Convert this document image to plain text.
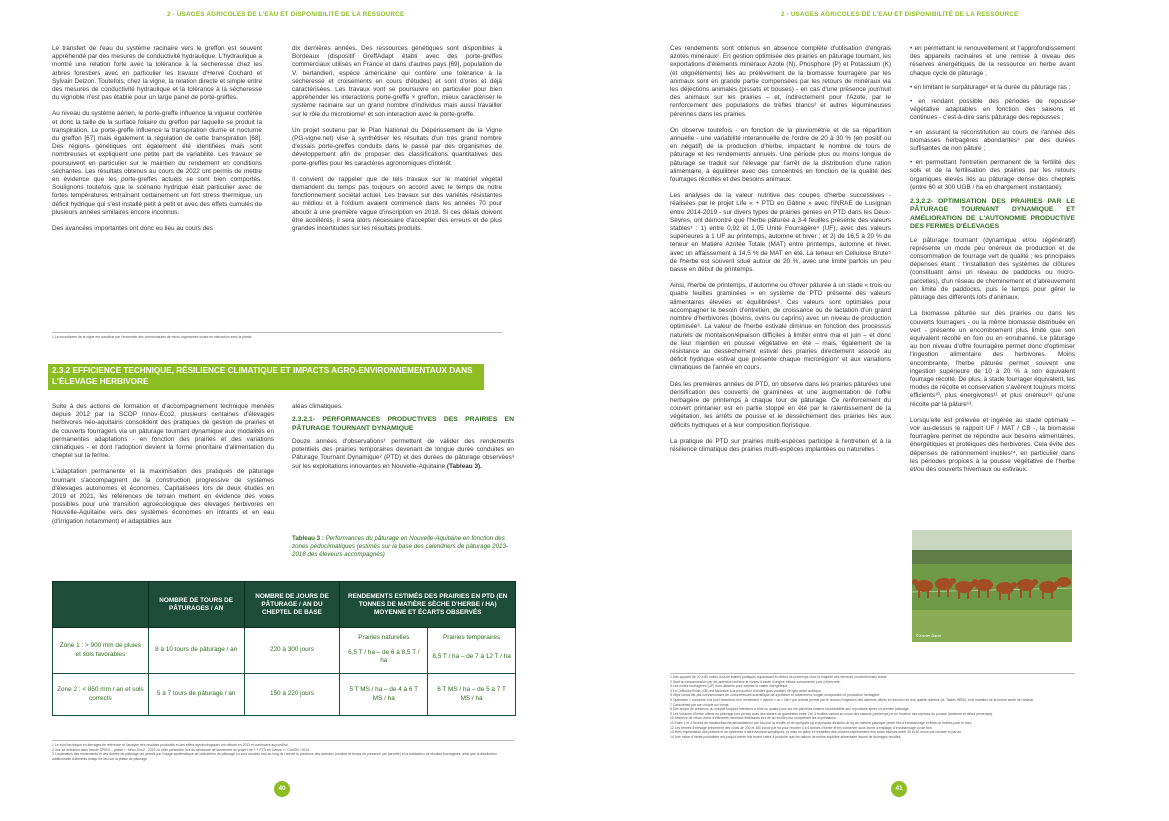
2 - USAGES AGRICOLES DE L'EAU ET DISPONIBILITÉ DE LA RESSOURCE

Le transfert de l'eau du système racinaire vers le greffon est souvent appréhendé par des mesures de conductivité hydraulique. L'hydraulique a montré une relation forte avec la tolérance à la sécheresse chez les arbres forestiers avec en particulier les travaux d'Hervé Cochard et Sylvain Delzon. Toutefois, chez la vigne, la relation directe et simple entre des mesures de conductivité hydraulique et la tolérance à la sécheresse du vignoble n'est pas établie pour un large panel de porte-greffes.

Au niveau du système aérien, le porte-greffe influence la vigueur conférée et donc la taille de la surface foliaire du greffon par laquelle se produit la transpiration. Le porte-greffe influence la transpiration diurne et nocturne du greffon [67] mais également la régulation de cette transpiration [68]. Des régions génétiques ont également été identifiées mais sont nombreuses et expliquent une petite part de variabilité. Les travaux se poursuivent en particulier sur le maintien du rendement en conditions séchantes. Les résultats obtenus au cours de 2022 ont permis de mettre en évidence que les porte-greffes actuels se sont bien comportés. Soulignons toutefois que le scénario hydrique était particulier avec de fortes températures entraînant certainement un fort stress thermique, un déficit hydrique qui s'est installé petit à petit et avec des effets cumulés de plusieurs années similaires encore inconnus.

Des avancées importantes ont donc eu lieu au cours des

dix dernières années. Des ressources génétiques sont disponibles à Bordeaux (dispositif GreffAdapt établi avec des porte-greffes commerciaux utilisés en France et dans d'autres pays [69], population de V. berlandieri, espèce américaine qui confère une tolérance à la sécheresse et croisements en cours d'études) et sont d'ores et déjà caractérisées. Les travaux vont se poursuivre en particulier pour bien appréhender les interactions porte-greffe × greffon, mieux caractériser le système racinaire sur un grand nombre d'individus mais aussi travailler sur le rôle du microbiome¹ et son interaction avec le porte-greffe.

Un projet soutenu par le Plan National du Dépérissement de la Vigne (PG-vigne.net) vise à synthétiser les résultats d'un très grand nombre d'essais porte-greffes conduits dans le passé par des organismes de développement afin de proposer des classifications quantitatives des porte-greffes pour les caractères agronomiques d'intérêt.

Il convient de rappeler que de tels travaux sur le matériel végétal demandent du temps pas toujours en accord avec le temps de notre fonctionnement sociétal actuel. Les travaux sur des variétés résistantes au mildiou et à l'oïdium avaient commencé dans les années 70 pour aboutir à une première vague d'inscription en 2018. Si ces délais doivent être accélérés, il sera alors nécessaire d'accepter des erreurs et de plus grandes incertitudes sur les résultats produits.

1 Le microbiome de la vigne est constitué par l'ensemble des communautés de micro-organismes vivant en interaction avec la plante.
2.3.2 EFFICIENCE TECHNIQUE, RÉSILIENCE CLIMATIQUE ET IMPACTS AGRO-ENVIRONNEMENTAUX DANS L'ÉLEVAGE HERBIVORE

Suite à des actions de formation et d'accompagnement technique menées depuis 2012 par la SCOP Innov-Eco2, plusieurs centaines d'élevages herbivores néo-aquitains consolident des pratiques de gestion de prairies et de couverts fourragers via un pâturage tournant dynamique aux modalités en permanentes adaptations - en fonction des prairies et des variations climatiques - et dont l'adoption devient la forme prioritaire d'alimentation du cheptel sur la ferme.

L'adaptation permanente et la maximisation des pratiques de pâturage tournant s'accompagnent de la construction progressive de systèmes d'élevages autonomes et économes. Capitalisées lors de deux études en 2019 et 2021, les références de terrain mettent en évidence des voies possibles pour une transition agroécologique des élevages herbivores en Nouvelle-Aquitaine vers des systèmes économes en intrants et en eau (d'irrigation notamment) et adaptables aux

aléas climatiques.

2.3.2.1- PERFORMANCES PRODUCTIVES DES PRAIRIES EN PÂTURAGE TOURNANT DYNAMIQUE

Douze années d'observations¹ permettent de valider des rendements potentiels des prairies temporaires devenant de longue durée conduites en Pâturage Tournant Dynamique² (PTD) et des durées de pâturage observées³ sur les exploitations innovantes en Nouvelle-Aquitaine (Tableau 3).

Tableau 3 : Performances du pâturage en Nouvelle-Aquitaine en fonction des zones pédoclimatiques (estimés sur la base des calendriers de pâturage 2013-2018 des éleveurs accompagnés)
	NOMBRE DE TOURS DE PÂTURAGES / AN	NOMBRE DE JOURS DE PÂTURAGE / AN DU CHEPTEL DE BASE	RENDEMENTS ESTIMÉS DES PRAIRIES EN PTD (EN TONNES DE MATIÈRE SÈCHE D'HERBE / HA) MOYENNE ET ÉCARTS OBSERVÉS	
Zone 1 : > 900 mm de pluies et sols favorables	8 à 10 tours de pâturage / an	220 à 300 jours	Prairies naturelles	Prairies temporaires
			6,5 T / ha – de 6 à 8,5 T / ha	8,5 T / ha – de 7 à 12 T / ha
Zone 2 : < 850 mm / an et sols corrects	5 à 7 tours de pâturage / an	150 à 220 jours	5 T MS / ha – de 4 à 6 T MS / ha	6 T MS / ha – de 5 à 7 T MS / ha
1 Le suivi technique en élevages de référence et l'analyse des résultats productifs et des effets agroécologiques ont débuté en 2013 et continuent aujourd'hui.
2 Voir sa définition dans l'étude SPEHI – phase I : Innov-Eco2 - 2019 ou celle présentée lors du séminaire de lancement du projet Life « + PTD en Gâtine » / CAVEB / 2014.
3 L'estimation des rendements et des durées de pâturage ont permis par l'usage systématique de calendriers de pâturage où sont annotés tout au long de l'année la présence des animaux (nombre et temps de présence par parcelle) et la réalisation de récoltes fourragères, ainsi que la distribution additionnelle d'aliments lorsqu'il a lieu sur la phase de pâturage.
40
2 - USAGES AGRICOLES DE L'EAU ET DISPONIBILITÉ DE LA RESSOURCE

Ces rendements sont obtenus en absence complète d'utilisation d'engrais azotés minéraux¹. En gestion optimisée des prairies en pâturage tournant, les exportations d'éléments minéraux Azote (N), Phosphore (P) et Potassium (K) (et oligoéléments) liés au prélèvement de la biomasse fourragère par les animaux sont en grande partie compensées par les retours de minéraux via les déjections animales (pissats et bouses) - en cas d'une présence jour/nuit des animaux sur les prairies – et, indirectement pour l'Azote, par le renforcement des populations de trèfles blancs² et autres légumineuses pérennes dans les prairies.

On observe toutefois - en fonction de la pluviométrie et de sa répartition annuelle - une variabilité interannuelle de l'ordre de 20 à 30 % (en positif ou en négatif) de la production d'herbe, impactant le nombre de tours de pâturage et les rendements annuels. Une période plus ou moins longue de pâturage se traduit sur l'élevage par l'arrêt de la distribution d'une ration alimentaire, à équilibrer avec des concentrés en fonction de la qualité des fourrages récoltés et des besoins animaux.

Les analyses de la valeur nutritive des coupes d'herbe successives - réalisées par le projet Life « + PTD en Gâtine » avec l'INRAE de Lusignan entre 2014-2019 - sur divers types de prairies gérées en PTD dans les Deux-Sèvres, ont démontré que l'herbe pâturée à 3-4 feuilles présente des valeurs stables³ : 1) entre 0,92 et 1,05 Unité Fourragère⁴ (UF), avec des valeurs supérieures à 1 UF au printemps, automne et hiver ; et 2) de 16,5 à 20 % de teneur en Matière Azotée Totale (MAT) entre printemps, automne et hiver, avec un affaissement à 14,5 % de MAT en été. La teneur en Cellulose Brute⁵ de l'herbe est souvent situé autour de 20 %, avec une limite parfois un peu basse en début de printemps.

Ainsi, l'herbe de printemps, d'automne ou d'hiver pâturée à un stade « trois ou quatre feuilles graminées » en système de PTD présente des valeurs alimentaires élevées et équilibrées⁶. Ces valeurs sont optimales pour accompagner le besoin d'entretien, de croissance ou de lactation d'un grand nombre d'herbivores (bovins, ovins ou caprins) avec un niveau de production optimisée⁶. La valeur de l'herbe estivale diminue en fonction des processus naturels de montaison/épiaison difficiles à limiter entre mai et juin – et donc de leur maintien en pousse végétative en été – mais, également de la résistance au dessèchement estival des prairies directement associé au déficit hydrique estival que présente chaque microrégion⁷ et aux variations climatiques de l'année en cours.

Dès les premières années de PTD, on observe dans les prairies pâturées une densification des couverts de graminées et une augmentation de l'offre herbagère de printemps à chaque tour de pâturage. Ce renforcement du couvert printanier est en partie stoppé en été par le ralentissement de la végétation, les arrêts de pousse et le dessèchement des prairies liés aux déficits hydriques et à leur composition floristique.

La pratique de PTD sur prairies multi-espèces participe à l'entretien et à la résilience climatique des prairies multi-espèces implantées ou naturelles :

• en permettant le renouvellement et l'approfondissement des appareils racinaires et une remise à niveau des réserves énergétiques de la ressource en herbe avant chaque cycle de pâturage ;
• en limitant le surpâturage⁸ et la durée du pâturage ras ;
• en rendant possible des périodes de repousse végétative adaptables en fonction des saisons et continues - c'est-à-dire sans pâturage des repousses ;
• en assurant la reconstitution au cours de l'année des biomasses herbagères abondantes⁹ par des durées suffisantes de non pâture ;
• en permettant l'entretien permanent de la fertilité des sols et de la fertilisation des prairies par les retours organiques élevés liés au pâturage dense des cheptels (entre 60 et 300 UGB / ha en chargement instantané).
2.3.2.2- OPTIMISATION DES PRAIRIES PAR LE PÂTURAGE TOURNANT DYNAMIQUE ET AMÉLIORATION DE L'AUTONOMIE PRODUCTIVE DES FERMES D'ÉLEVAGES

Le pâturage tournant (dynamique et/ou régénératif) représente un mode peu onéreux de production et de consommation de fourrage vert de qualité ; les principales dépenses étant : l'installation des systèmes de clôtures (constituant ainsi un réseau de paddocks ou micro-parcelles), d'un réseau de cheminement et d'abreuvement en limite de paddocks, puis le temps pour gérer le pâturage des différents lots d'animaux.

La biomasse pâturée sur des prairies ou dans les couverts fourragers - ou la même biomasse distribuée en vert - présente un encombrement plus limité que son équivalent récolté en foin ou en enrubanné. Le pâturage au bon niveau d'offre fourragère permet donc d'optimiser l'ingestion alimentaire des herbivores. Moins encombrante, l'herbe pâturée permet souvent une ingestion supérieure de 10 à 20 % à son équivalent fourrage récolté. De plus, à stade fourrager équivalent, les modes de récolte et conservation s'avèrent toujours moins efficients¹⁰, plus énergivores¹¹ et plus onéreux¹² qu'une récolte par la pâture¹³.

Lorsqu'elle est prélevée et ingérée au stade optimale – voir au-dessus le rapport UF / MAT / CB -, la biomasse fourragère permet de répondre aux besoins alimentaires, énergétiques et protéiques des herbivores. Cela évite des dépenses de rationnement inutiles¹⁴, en particulier dans les périodes propices à la pousse végétative de l'herbe et/ou des couverts hivernaux ou estivaux.

1 Des apports de 20 à 60 unités d'azote étaient pratiqués auparavant en début de printemps chez la majorité des éleveurs conventionnels suivis.
2 Dont la consommation par les animaux renforce le niveau d'azote d'origine foliaire consommée puis (ré)excrété.
3 Les unités fourragères (UF) sont utilisées pour estimer la valeur énergétique.
4 La Cellulose Brute (CB) est favorable à la production d'acides gras volatiles de type acide acétique.
5 https://www.life-ptd.com/séminaire-de-clôture/recueil-scientifique-de-synthèse/ et notamment l'onglet composition et production herbagère.
6 Optimisée « concerne à la fois l'obtention d'un rendement « viande » ou « lait » par animal permis par le niveau d'ingestion des aliments offerts en fonction de leur qualité nutritive (cf. Tables INRA), et le maintien de la bonne santé de l'animal.
7 Caractérisé par son couple sol climat.
8 Des temps de présence du cheptel toujours inférieurs à trois ou quatre jours sur les parcelles limitent l'accessibilité aux repousses après un premier pâturage.
9 Les volumes d'herbe offerts en pâturage font permis avec des stades de graminées entre 3 et 4 feuilles variant au cours des saisons (printemps) et en fonction des reprises de pousse (automne et début printemps).
10 Absence de retour direct d'éléments minéraux fertilisants lors de la récolte pour compenser les exportations.
11 Entre 1 et 3 heures de tracteur/faucheuse/andaineur par ha pour la récolte et de quelques kg à quelques dizaines de kg de matière plastique (entre film d'enrubannage et filets ou ficelles pour le foin).
12 Les fermes d'élevage présentent des coûts de 200 et 350 euros par ha pour récolter 4 à 6 tonnes d'herbe et les conserver sous forme d'ensilage, d'enrubannage ou de foin.
13 Hors implantation des prairies et de systèmes d'abreuvement spécifiques, la mise en place et l'entretien des clôtures représentent des coûts estimés entre 30 et 60 euros par hectare et par an.
14 Une ration d'herbe journalière est jusqu'à trente fois moins chère à produire que les rations de même équilibre alimentaire issues de fourrages récoltés.
41
©Xavier Darol
